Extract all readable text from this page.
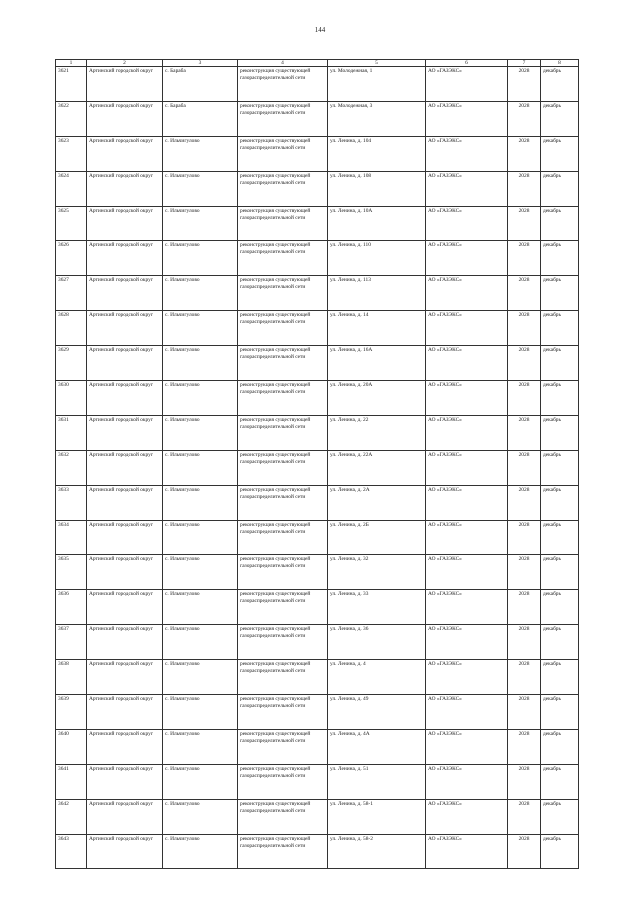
144
1	2	3	4	5	6	7	8
3621	Артинский городской округ	с. Бараба	реконструкция существующей газораспределительной сети	ул. Молодежная, 1	АО «ГАЗЭКС»	2028	декабрь
3622	Артинский городской округ	с. Бараба	реконструкция существующей газораспределительной сети	ул. Молодежная, 3	АО «ГАЗЭКС»	2028	декабрь
3623	Артинский городской округ	с. Ильчигулово	реконструкция существующей газораспределительной сети	ул. Ленина, д. 104	АО «ГАЗЭКС»	2028	декабрь
3624	Артинский городской округ	с. Ильчигулово	реконструкция существующей газораспределительной сети	ул. Ленина, д. 108	АО «ГАЗЭКС»	2028	декабрь
3625	Артинский городской округ	с. Ильчигулово	реконструкция существующей газораспределительной сети	ул. Ленина, д. 10А	АО «ГАЗЭКС»	2028	декабрь
3626	Артинский городской округ	с. Ильчигулово	реконструкция существующей газораспределительной сети	ул. Ленина, д. 110	АО «ГАЗЭКС»	2028	декабрь
3627	Артинский городской округ	с. Ильчигулово	реконструкция существующей газораспределительной сети	ул. Ленина, д. 113	АО «ГАЗЭКС»	2028	декабрь
3628	Артинский городской округ	с. Ильчигулово	реконструкция существующей газораспределительной сети	ул. Ленина, д. 14	АО «ГАЗЭКС»	2028	декабрь
3629	Артинский городской округ	с. Ильчигулово	реконструкция существующей газораспределительной сети	ул. Ленина, д. 16А	АО «ГАЗЭКС»	2028	декабрь
3630	Артинский городской округ	с. Ильчигулово	реконструкция существующей газораспределительной сети	ул. Ленина, д. 20А	АО «ГАЗЭКС»	2028	декабрь
3631	Артинский городской округ	с. Ильчигулово	реконструкция существующей газораспределительной сети	ул. Ленина, д. 22	АО «ГАЗЭКС»	2028	декабрь
3632	Артинский городской округ	с. Ильчигулово	реконструкция существующей газораспределительной сети	ул. Ленина, д. 22А	АО «ГАЗЭКС»	2028	декабрь
3633	Артинский городской округ	с. Ильчигулово	реконструкция существующей газораспределительной сети	ул. Ленина, д. 2А	АО «ГАЗЭКС»	2028	декабрь
3634	Артинский городской округ	с. Ильчигулово	реконструкция существующей газораспределительной сети	ул. Ленина, д. 2Б	АО «ГАЗЭКС»	2028	декабрь
3635	Артинский городской округ	с. Ильчигулово	реконструкция существующей газораспределительной сети	ул. Ленина, д. 32	АО «ГАЗЭКС»	2028	декабрь
3636	Артинский городской округ	с. Ильчигулово	реконструкция существующей газораспределительной сети	ул. Ленина, д. 33	АО «ГАЗЭКС»	2028	декабрь
3637	Артинский городской округ	с. Ильчигулово	реконструкция существующей газораспределительной сети	ул. Ленина, д. 36	АО «ГАЗЭКС»	2028	декабрь
3638	Артинский городской округ	с. Ильчигулово	реконструкция существующей газораспределительной сети	ул. Ленина, д. 4	АО «ГАЗЭКС»	2028	декабрь
3639	Артинский городской округ	с. Ильчигулово	реконструкция существующей газораспределительной сети	ул. Ленина, д. 49	АО «ГАЗЭКС»	2028	декабрь
3640	Артинский городской округ	с. Ильчигулово	реконструкция существующей газораспределительной сети	ул. Ленина, д. 4А	АО «ГАЗЭКС»	2028	декабрь
3641	Артинский городской округ	с. Ильчигулово	реконструкция существующей газораспределительной сети	ул. Ленина, д. 51	АО «ГАЗЭКС»	2028	декабрь
3642	Артинский городской округ	с. Ильчигулово	реконструкция существующей газораспределительной сети	ул. Ленина, д. 58-1	АО «ГАЗЭКС»	2028	декабрь
3643	Артинский городской округ	с. Ильчигулово	реконструкция существующей газораспределительной сети	ул. Ленина, д. 58-2	АО «ГАЗЭКС»	2028	декабрь
